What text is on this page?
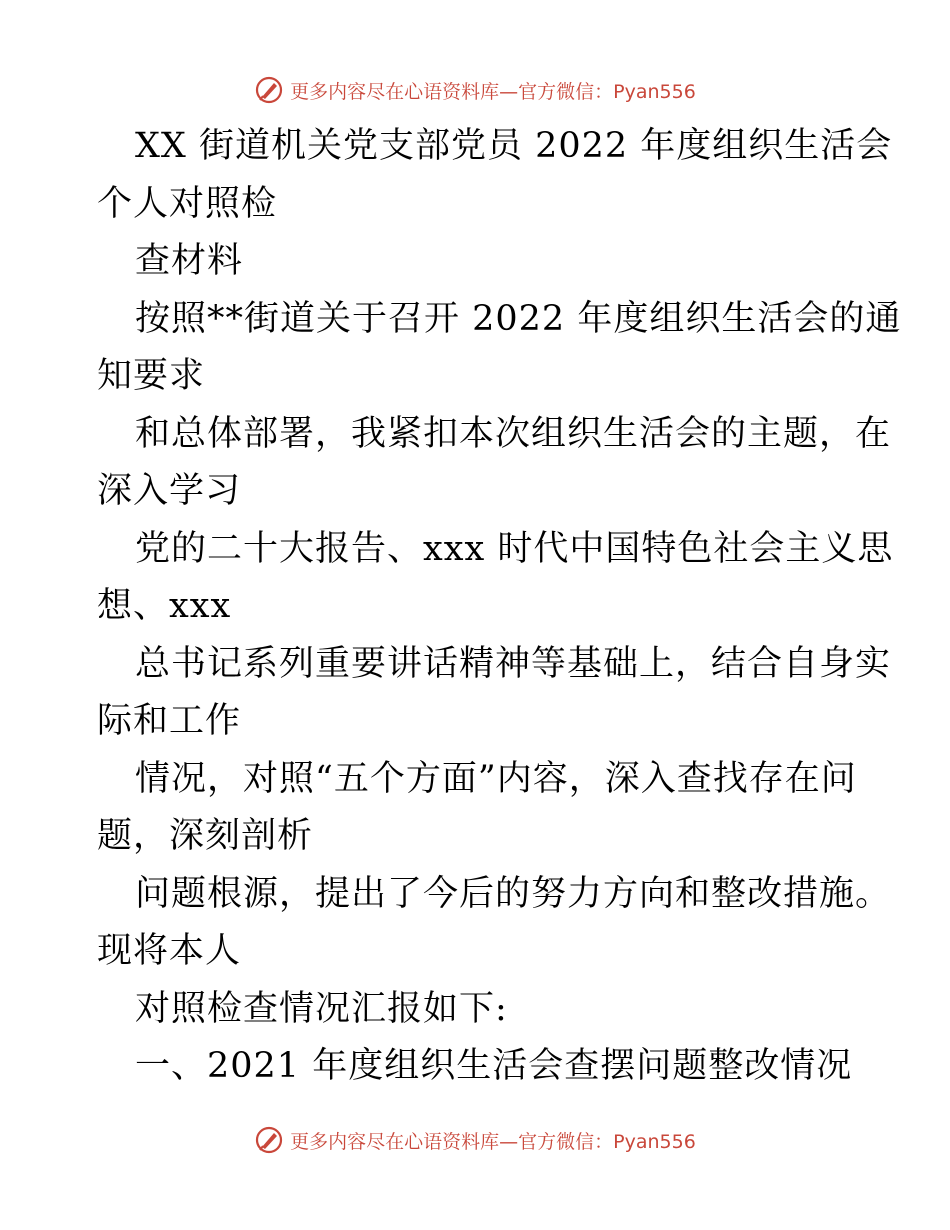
更多内容尽在心语资料库—官方微信：Pyan556
XX 街道机关党支部党员 2022 年度组织生活会
个人对照检
查材料
按照**街道关于召开 2022 年度组织生活会的通
知要求
和总体部署，我紧扣本次组织生活会的主题，在
深入学习
党的二十大报告、xxx 时代中国特色社会主义思
想、xxx
总书记系列重要讲话精神等基础上，结合自身实
际和工作
情况，对照“五个方面”内容，深入查找存在问
题，深刻剖析
问题根源，提出了今后的努力方向和整改措施。
现将本人
对照检查情况汇报如下:
一、2021 年度组织生活会查摆问题整改情况
更多内容尽在心语资料库—官方微信：Pyan556
